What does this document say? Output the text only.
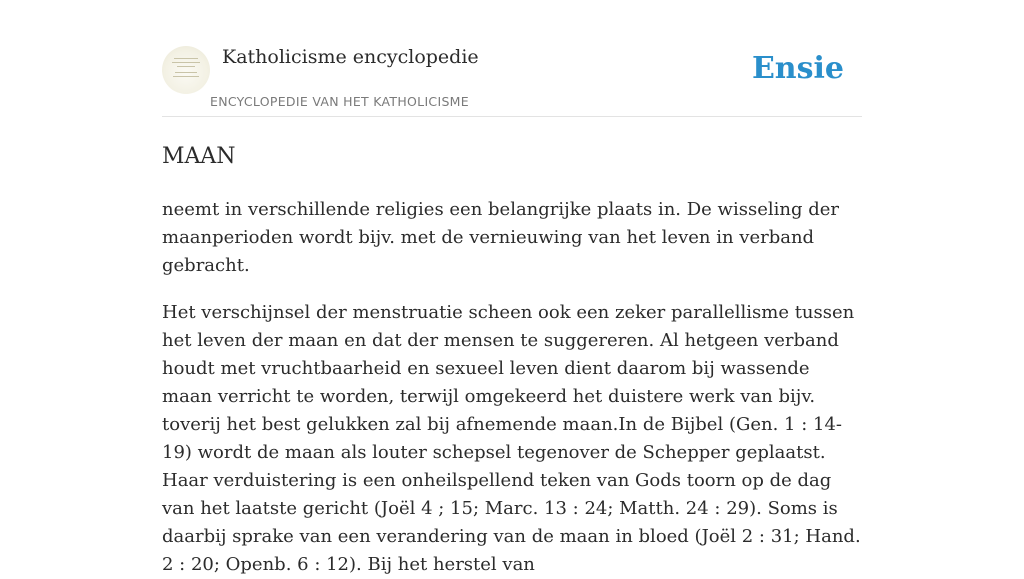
Katholicisme encyclopedie
ENCYCLOPEDIE VAN HET KATHOLICISME
Ensie
MAAN

neemt in verschillende religies een belangrijke plaats in. De wisseling der maanperioden wordt bijv. met de vernieuwing van het leven in verband gebracht.

Het verschijnsel der menstruatie scheen ook een zeker parallellisme tussen het leven der maan en dat der mensen te suggereren. Al hetgeen verband houdt met vruchtbaarheid en sexueel leven dient daarom bij wassende maan verricht te worden, terwijl omgekeerd het duistere werk van bijv. toverij het best gelukken zal bij afnemende maan.In de Bijbel (Gen. 1 : 14-19) wordt de maan als louter schepsel tegenover de Schepper geplaatst. Haar verduistering is een onheilspellend teken van Gods toorn op de dag van het laatste gericht (Joël 4 ; 15; Marc. 13 : 24; Matth. 24 : 29). Soms is daarbij sprake van een verandering van de maan in bloed (Joël 2 : 31; Hand. 2 : 20; Openb. 6 : 12). Bij het herstel van
